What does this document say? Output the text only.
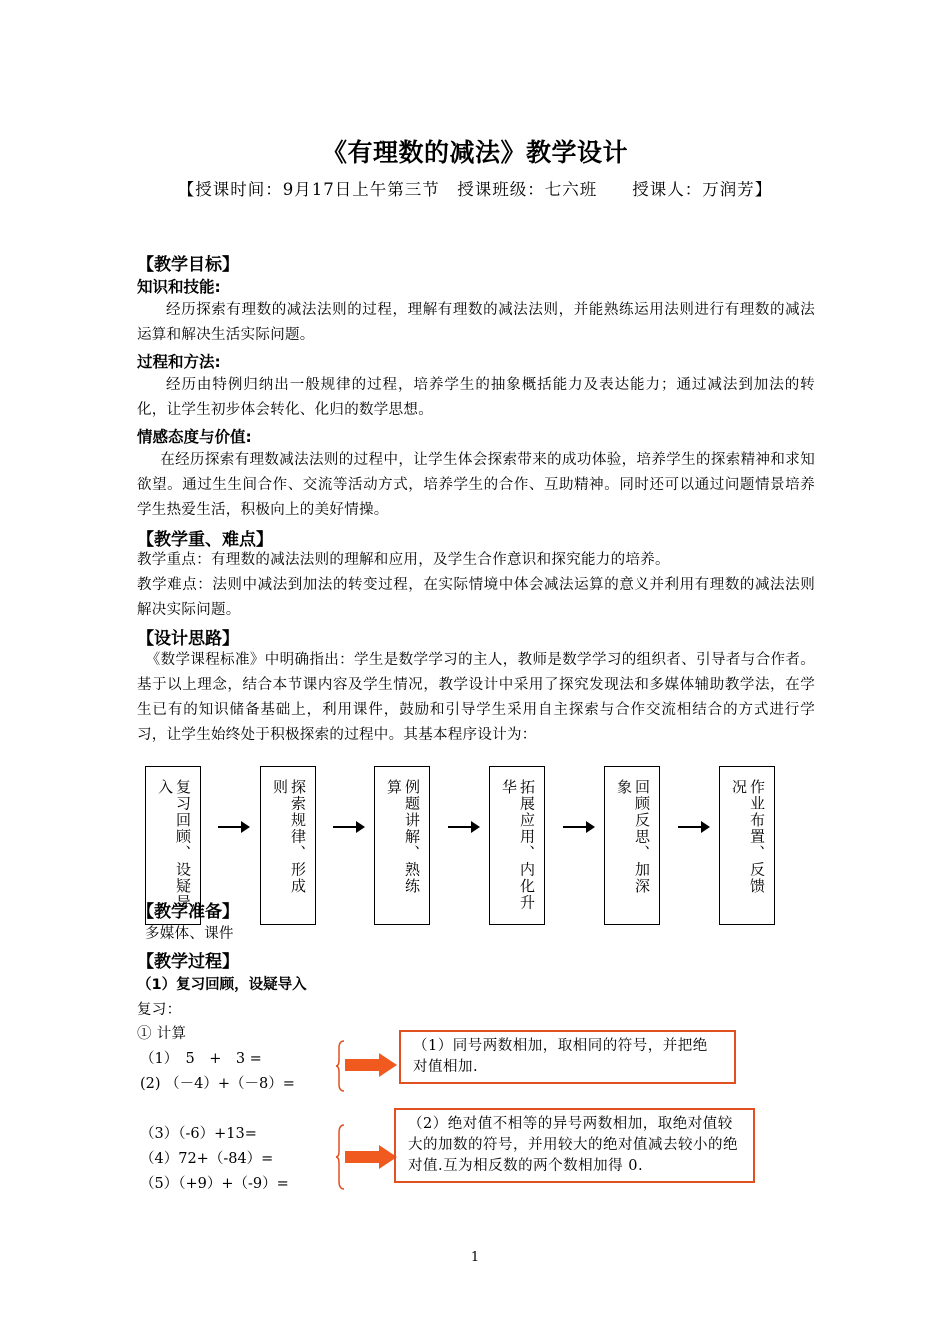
《有理数的减法》教学设计
【授课时间：9月17日上午第三节　授课班级：七六班　　授课人：万润芳】
【教学目标】
知识和技能:
经历探索有理数的减法法则的过程，理解有理数的减法法则，并能熟练运用法则进行有理数的减法运算和解决生活实际问题。
过程和方法:
经历由特例归纳出一般规律的过程，培养学生的抽象概括能力及表达能力；通过减法到加法的转化，让学生初步体会转化、化归的数学思想。
情感态度与价值:
在经历探索有理数减法法则的过程中，让学生体会探索带来的成功体验，培养学生的探索精神和求知欲望。通过生生间合作、交流等活动方式，培养学生的合作、互助精神。同时还可以通过问题情景培养学生热爱生活，积极向上的美好情操。
【教学重、难点】
教学重点：有理数的减法法则的理解和应用，及学生合作意识和探究能力的培养。
教学难点：法则中减法到加法的转变过程，在实际情境中体会减法运算的意义并利用有理数的减法法则解决实际问题。
【设计思路】
《数学课程标准》中明确指出：学生是数学学习的主人，教师是数学学习的组织者、引导者与合作者。基于以上理念，结合本节课内容及学生情况，教学设计中采用了探究发现法和多媒体辅助教学法，在学生已有的知识储备基础上，利用课件，鼓励和引导学生采用自主探索与合作交流相结合的方式进行学习，让学生始终处于积极探索的过程中。其基本程序设计为：
复习回顾、设疑导
入	探索规律、形成
则	例题讲解、熟练
算	拓展应用、内化升
华	回顾反思、加深
象	作业布置、反馈
况
【教学准备】
多媒体、课件
【教学过程】
（1）复习回顾，设疑导入
复习：
① 计算
（1）　5　+　3 =
(2) （－4）+（－8）=
（1）同号两数相加，取相同的符号，并把绝对值相加.
（3）（-6）+13=
（4）72+（-84）=
（5）（+9）+（-9）=
（2）绝对值不相等的异号两数相加，取绝对值较大的加数的符号，并用较大的绝对值减去较小的绝对值.互为相反数的两个数相加得 0.
1
